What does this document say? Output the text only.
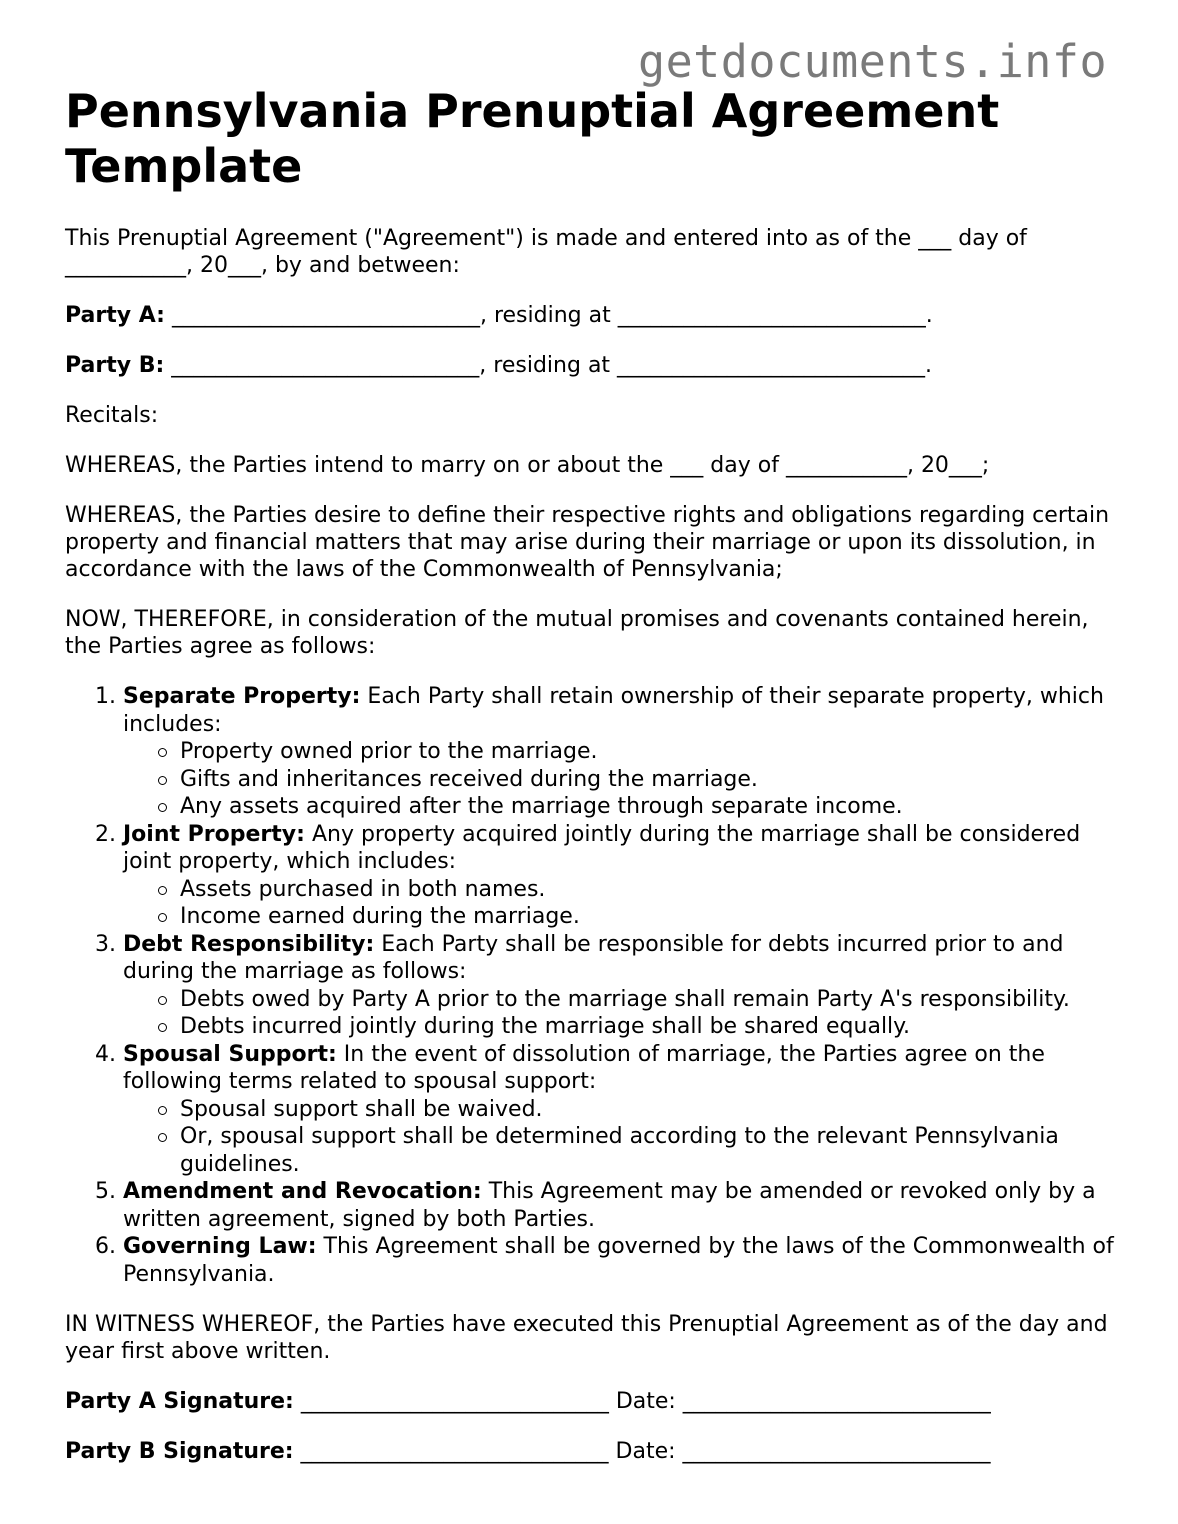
getdocuments.info
Pennsylvania Prenuptial Agreement
Template

This Prenuptial Agreement ("Agreement") is made and entered into as of the ___ day of ___________, 20___, by and between:

Party A: ____________________________, residing at ____________________________.

Party B: ____________________________, residing at ____________________________.

Recitals:

WHEREAS, the Parties intend to marry on or about the ___ day of ___________, 20___;

WHEREAS, the Parties desire to define their respective rights and obligations regarding certain property and financial matters that may arise during their marriage or upon its dissolution, in accordance with the laws of the Commonwealth of Pennsylvania;

NOW, THEREFORE, in consideration of the mutual promises and covenants contained herein, the Parties agree as follows:

1. Separate Property: Each Party shall retain ownership of their separate property, which includes:
Property owned prior to the marriage.
Gifts and inheritances received during the marriage.
Any assets acquired after the marriage through separate income.
2. Joint Property: Any property acquired jointly during the marriage shall be considered joint property, which includes:
Assets purchased in both names.
Income earned during the marriage.
3. Debt Responsibility: Each Party shall be responsible for debts incurred prior to and during the marriage as follows:
Debts owed by Party A prior to the marriage shall remain Party A's responsibility.
Debts incurred jointly during the marriage shall be shared equally.
4. Spousal Support: In the event of dissolution of marriage, the Parties agree on the following terms related to spousal support:
Spousal support shall be waived.
Or, spousal support shall be determined according to the relevant Pennsylvania guidelines.
5. Amendment and Revocation: This Agreement may be amended or revoked only by a written agreement, signed by both Parties.
6. Governing Law: This Agreement shall be governed by the laws of the Commonwealth of Pennsylvania.

IN WITNESS WHEREOF, the Parties have executed this Prenuptial Agreement as of the day and year first above written.

Party A Signature: ____________________________ Date: ____________________________

Party B Signature: ____________________________ Date: ____________________________
